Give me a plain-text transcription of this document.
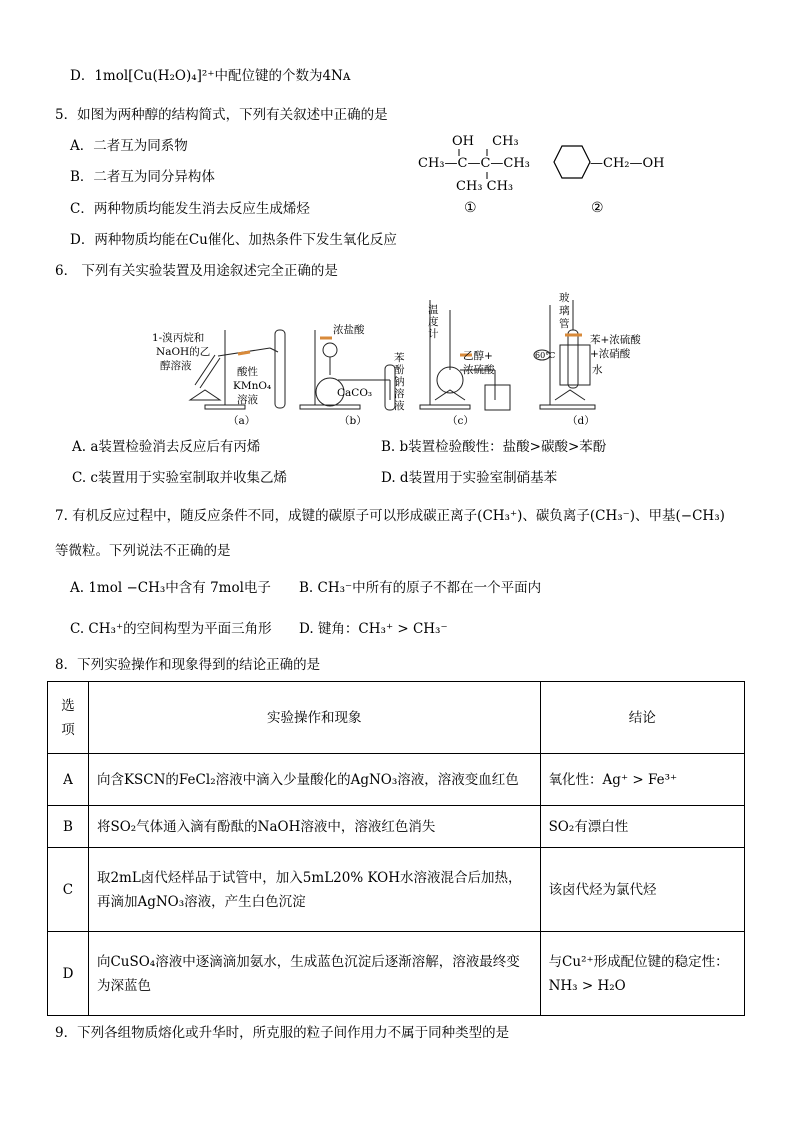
D．1mol[Cu(H₂O)₄]²⁺中配位键的个数为4Nᴀ
5．如图为两种醇的结构简式，下列有关叙述中正确的是
A．二者互为同系物
B．二者互为同分异构体
C．两种物质均能发生消去反应生成烯烃
D．两种物质均能在Cu催化、加热条件下发生氧化反应
OH CH₃
CH₃—C—C—CH₃
CH₃ CH₃
①
—CH₂—OH
②
6． 下列有关实验装置及用途叙述完全正确的是
1-溴丙烷和
NaOH的乙
醇溶液	酸性
KMnO₄
溶液
（a）
浓盐酸
CaCO₃
苯
酚
钠
溶
液
（b）
温
度
计
乙醇+
浓硫酸
（c）
玻
璃
管
苯+浓硫酸
+浓硝酸
水
60°C
（d）
A. a装置检验消去反应后有丙烯	B. b装置检验酸性：盐酸>碳酸>苯酚
C. c装置用于实验室制取并收集乙烯	D. d装置用于实验室制硝基苯
7. 有机反应过程中，随反应条件不同，成键的碳原子可以形成碳正离子(CH₃⁺)、碳负离子(CH₃⁻)、甲基(−CH₃)
等微粒。下列说法不正确的是
A. 1mol −CH₃中含有 7mol电子 B. CH₃⁻中所有的原子不都在一个平面内
C. CH₃⁺的空间构型为平面三角形 D. 键角：CH₃⁺ > CH₃⁻
8．下列实验操作和现象得到的结论正确的是
选
项	实验操作和现象	结论
A	向含KSCN的FeCl₂溶液中滴入少量酸化的AgNO₃溶液，溶液变血红色	氧化性：Ag⁺ > Fe³⁺
B	将SO₂气体通入滴有酚酞的NaOH溶液中，溶液红色消失	SO₂有漂白性
C	取2mL卤代烃样品于试管中，加入5mL20% KOH水溶液混合后加热，再滴加AgNO₃溶液，产生白色沉淀	该卤代烃为氯代烃
D	向CuSO₄溶液中逐滴滴加氨水，生成蓝色沉淀后逐渐溶解，溶液最终变为深蓝色	与Cu²⁺形成配位键的稳定性：NH₃ > H₂O
9．下列各组物质熔化或升华时，所克服的粒子间作用力不属于同种类型的是
